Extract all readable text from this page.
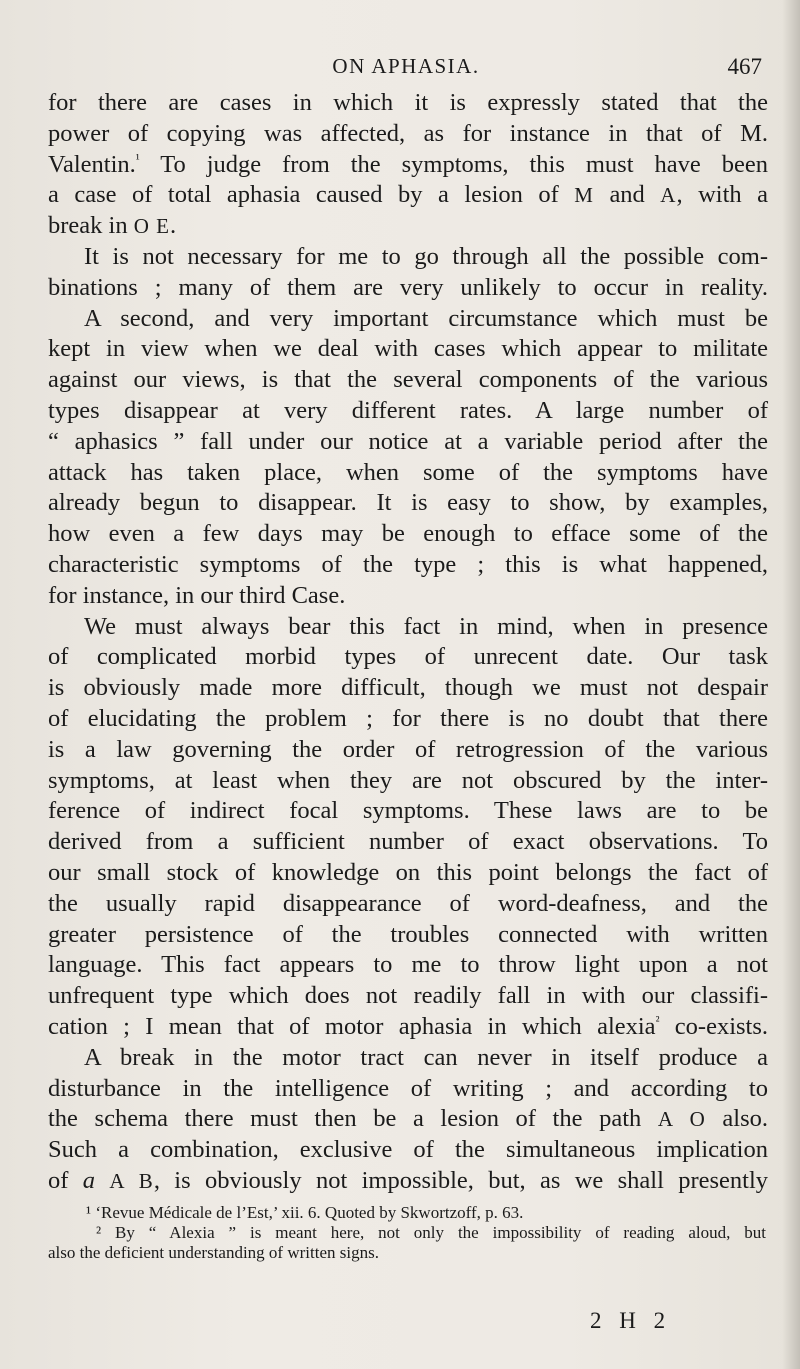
ON APHASIA.	467

for there are cases in which it is expressly stated that the
power of copying was affected, as for instance in that of M.
Valentin.$^{^1}$ To judge from the symptoms, this must have been
a case of total aphasia caused by a lesion of M and A, with a
break in O E.

It is not necessary for me to go through all the possible com-
binations ; many of them are very unlikely to occur in reality.

A second, and very important circumstance which must be
kept in view when we deal with cases which appear to militate
against our views, is that the several components of the various
types disappear at very different rates. A large number of
“ aphasics ” fall under our notice at a variable period after the
attack has taken place, when some of the symptoms have
already begun to disappear. It is easy to show, by examples,
how even a few days may be enough to efface some of the
characteristic symptoms of the type ; this is what happened,
for instance, in our third Case.

We must always bear this fact in mind, when in presence
of complicated morbid types of unrecent date. Our task
is obviously made more difficult, though we must not despair
of elucidating the problem ; for there is no doubt that there
is a law governing the order of retrogression of the various
symptoms, at least when they are not obscured by the inter-
ference of indirect focal symptoms. These laws are to be
derived from a sufficient number of exact observations. To
our small stock of knowledge on this point belongs the fact of
the usually rapid disappearance of word-deafness, and the
greater persistence of the troubles connected with written
language. This fact appears to me to throw light upon a not
unfrequent type which does not readily fall in with our classifi-
cation ; I mean that of motor aphasia in which alexia$^{^2}$ co-exists.

A break in the motor tract can never in itself produce a
disturbance in the intelligence of writing ; and according to
the schema there must then be a lesion of the path A O also.
Such a combination, exclusive of the simultaneous implication
of a A B, is obviously not impossible, but, as we shall presently

¹ ‘Revue Médicale de l’Est,’ xii. 6. Quoted by Skwortzoff, p. 63.
² By “ Alexia ” is meant here, not only the impossibility of reading aloud, but
also the deficient understanding of written signs.
2 H 2
